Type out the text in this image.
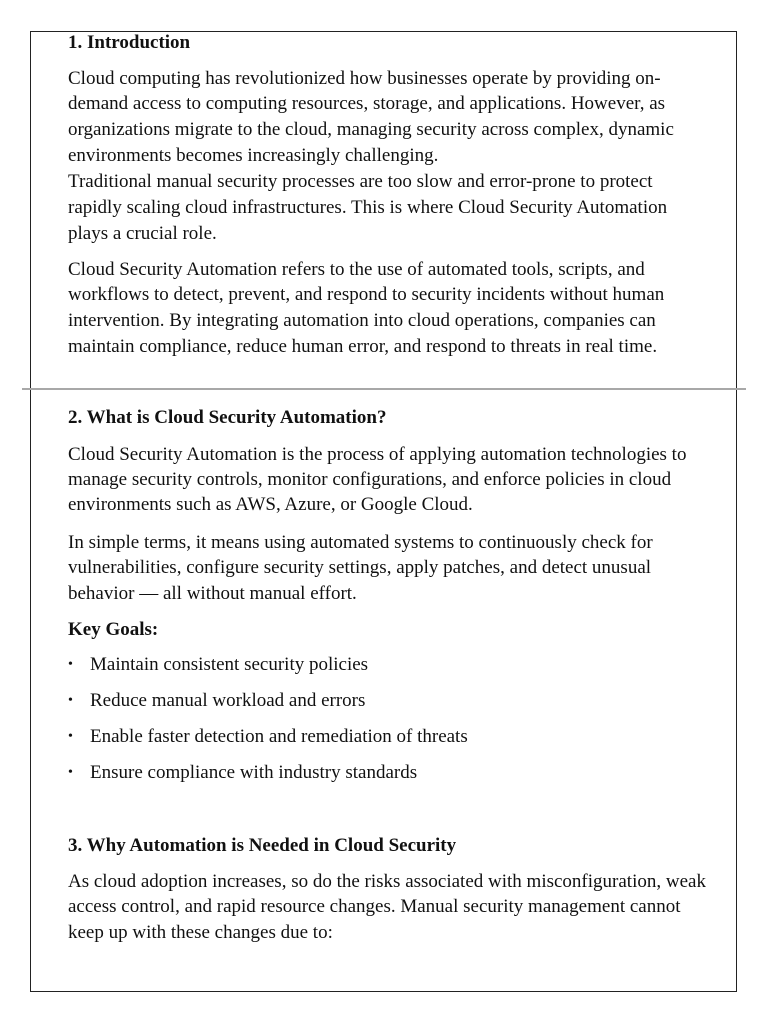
1. Introduction
Cloud computing has revolutionized how businesses operate by providing on-
demand access to computing resources, storage, and applications. However, as
organizations migrate to the cloud, managing security across complex, dynamic
environments becomes increasingly challenging.
Traditional manual security processes are too slow and error-prone to protect
rapidly scaling cloud infrastructures. This is where Cloud Security Automation
plays a crucial role.
Cloud Security Automation refers to the use of automated tools, scripts, and
workflows to detect, prevent, and respond to security incidents without human
intervention. By integrating automation into cloud operations, companies can
maintain compliance, reduce human error, and respond to threats in real time.
2. What is Cloud Security Automation?
Cloud Security Automation is the process of applying automation technologies to
manage security controls, monitor configurations, and enforce policies in cloud
environments such as AWS, Azure, or Google Cloud.
In simple terms, it means using automated systems to continuously check for
vulnerabilities, configure security settings, apply patches, and detect unusual
behavior — all without manual effort.
Key Goals:
• Maintain consistent security policies
• Reduce manual workload and errors
• Enable faster detection and remediation of threats
• Ensure compliance with industry standards
3. Why Automation is Needed in Cloud Security
As cloud adoption increases, so do the risks associated with misconfiguration, weak
access control, and rapid resource changes. Manual security management cannot
keep up with these changes due to:
